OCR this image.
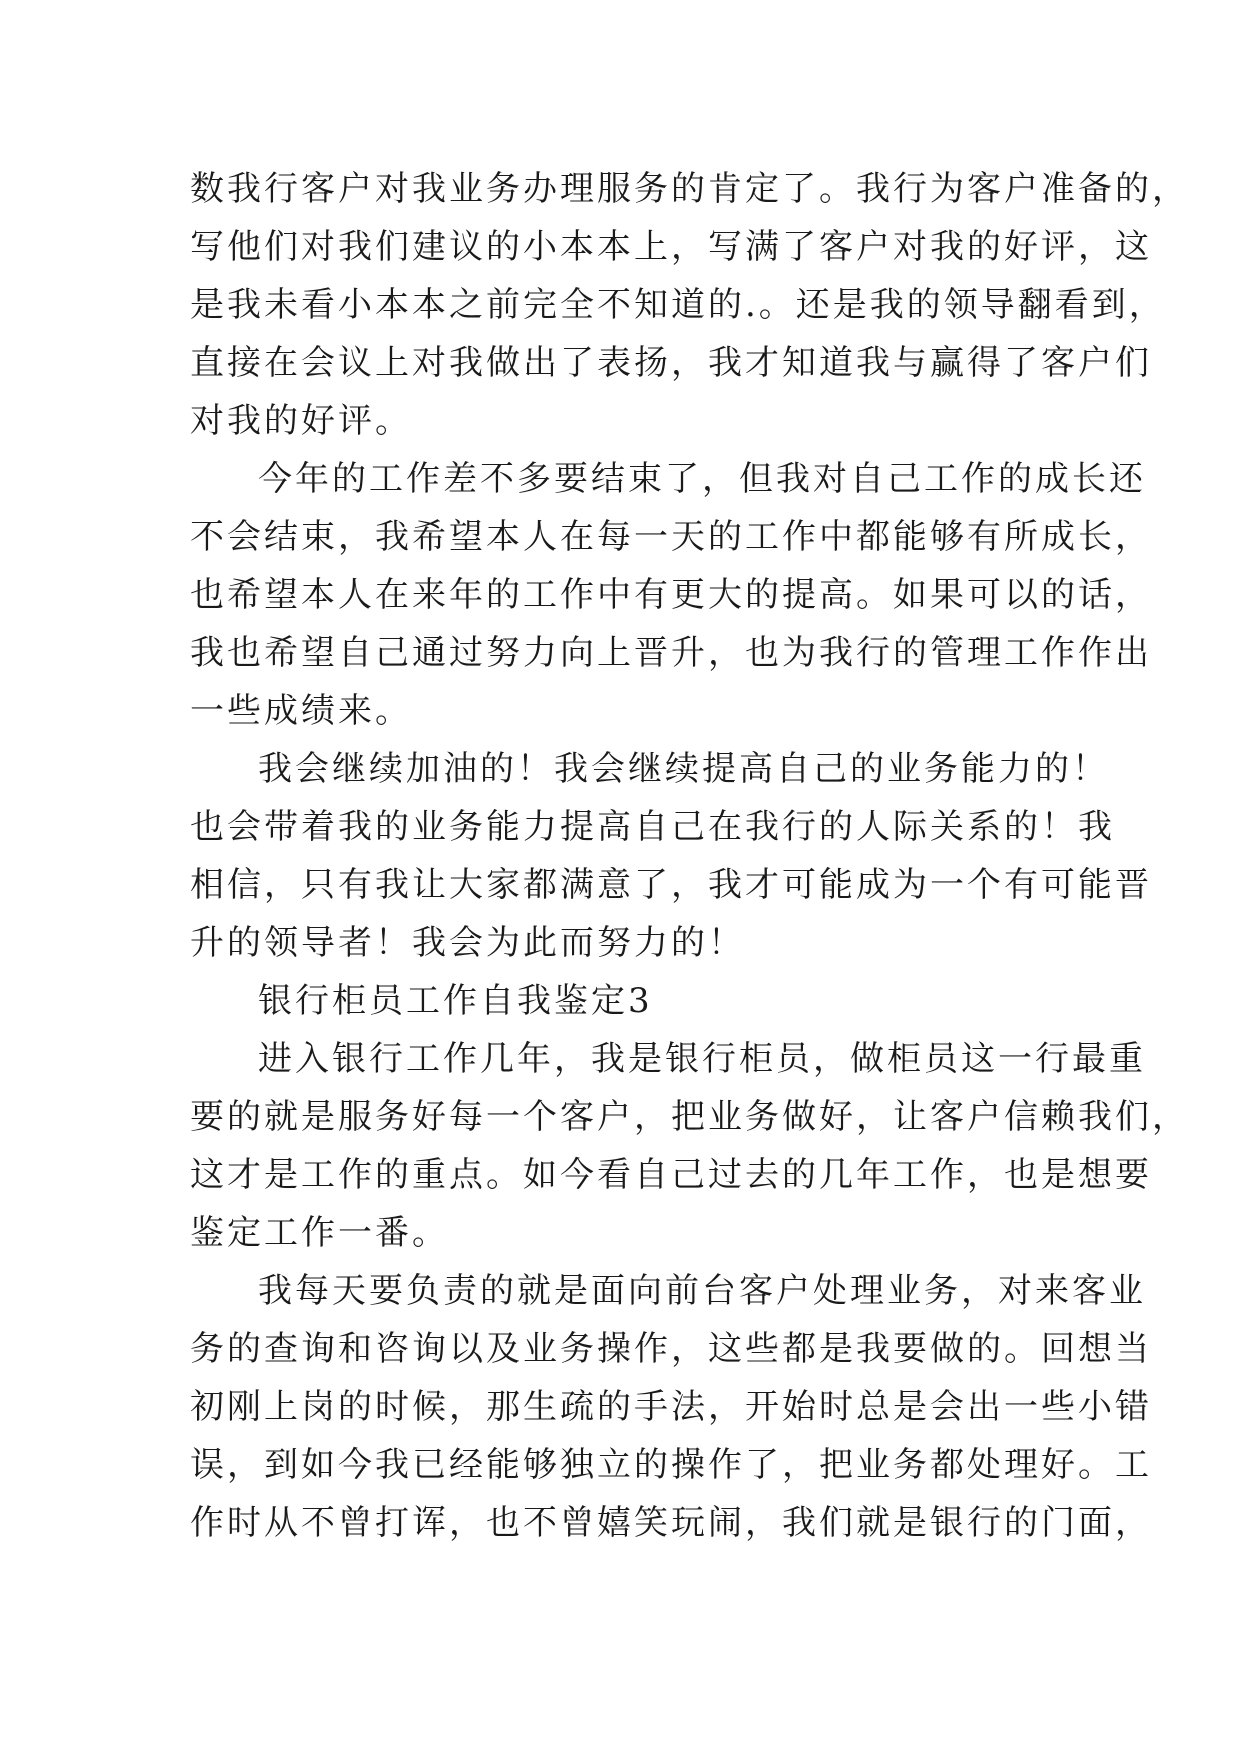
数我行客户对我业务办理服务的肯定了。我行为客户准备的，
写他们对我们建议的小本本上，写满了客户对我的好评，这
是我未看小本本之前完全不知道的.。还是我的领导翻看到，
直接在会议上对我做出了表扬，我才知道我与赢得了客户们
对我的好评。
今年的工作差不多要结束了，但我对自己工作的成长还
不会结束，我希望本人在每一天的工作中都能够有所成长，
也希望本人在来年的工作中有更大的提高。如果可以的话，
我也希望自己通过努力向上晋升，也为我行的管理工作作出
一些成绩来。
我会继续加油的！我会继续提高自己的业务能力的！
也会带着我的业务能力提高自己在我行的人际关系的！我
相信，只有我让大家都满意了，我才可能成为一个有可能晋
升的领导者！我会为此而努力的！
银行柜员工作自我鉴定3
进入银行工作几年，我是银行柜员，做柜员这一行最重
要的就是服务好每一个客户，把业务做好，让客户信赖我们，
这才是工作的重点。如今看自己过去的几年工作，也是想要
鉴定工作一番。
我每天要负责的就是面向前台客户处理业务，对来客业
务的查询和咨询以及业务操作，这些都是我要做的。回想当
初刚上岗的时候，那生疏的手法，开始时总是会出一些小错
误，到如今我已经能够独立的操作了，把业务都处理好。工
作时从不曾打诨，也不曾嬉笑玩闹，我们就是银行的门面，
